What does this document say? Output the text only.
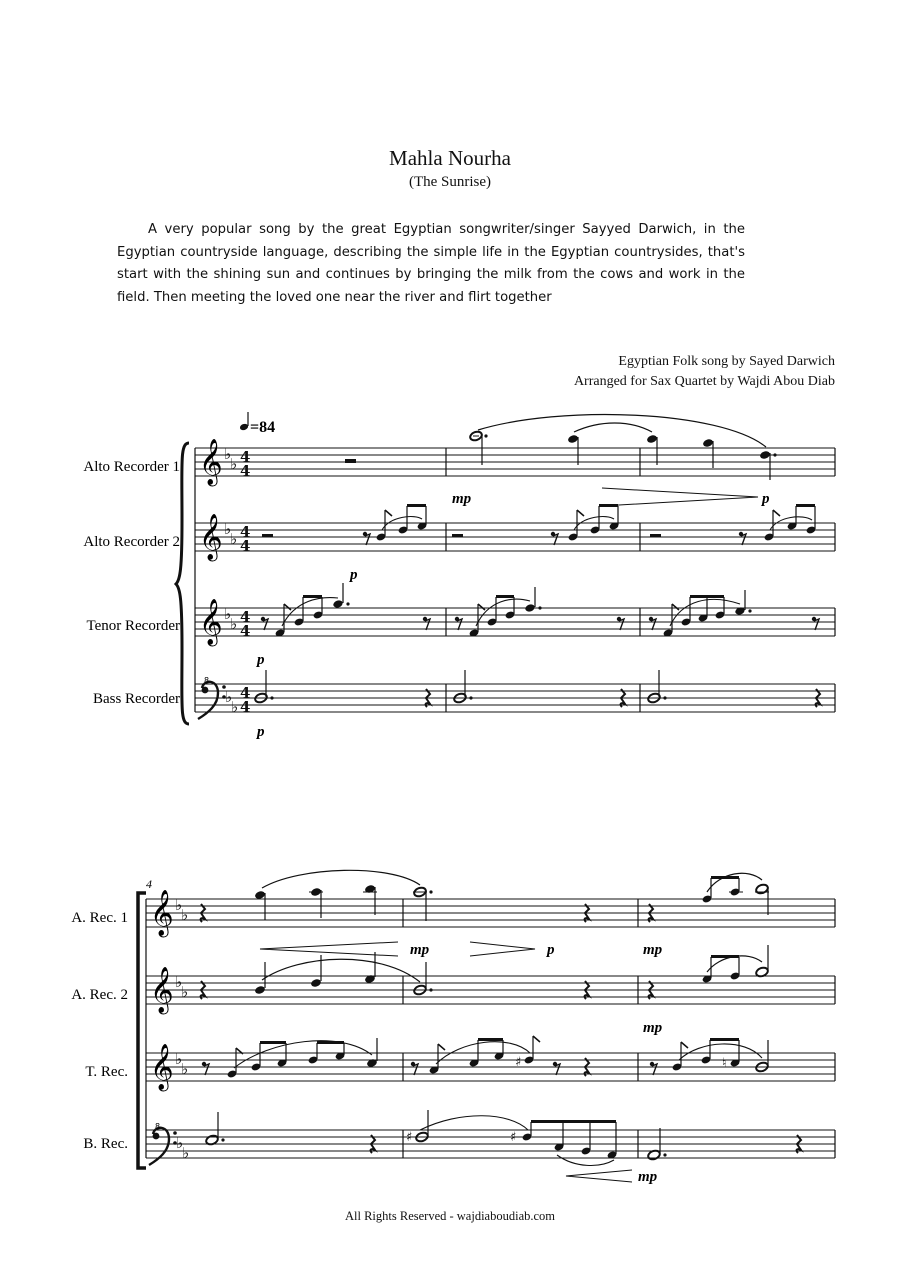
Mahla Nourha
(The Sunrise)
A very popular song by the great Egyptian songwriter/singer Sayyed Darwich, in the Egyptian countryside language, describing the simple life in the Egyptian countrysides, that's start with the shining sun and continues by bringing the milk from the cows and work in the field. Then meeting the loved one near the river and flirt together
Egyptian Folk song by Sayed Darwich
Arranged for Sax Quartet by Wajdi Abou Diab
=84
Alto Recorder 1
Alto Recorder 2
Tenor Recorder
Bass Recorder
𝄞
𝄞
𝄞
8
♭
♭
♭
♭
♭
♭
♭
♭
4
4
4
4
4
4
4
4
mp	p
p
p
p
4
A. Rec. 1
A. Rec. 2
T. Rec.
B. Rec.
𝄞
𝄞
𝄞
8
♭
♭
♭
♭
♭
♭
♭
♭
mp	p	mp
mp
♯	♮
♯	♯
mp
All Rights Reserved - wajdiaboudiab.com
